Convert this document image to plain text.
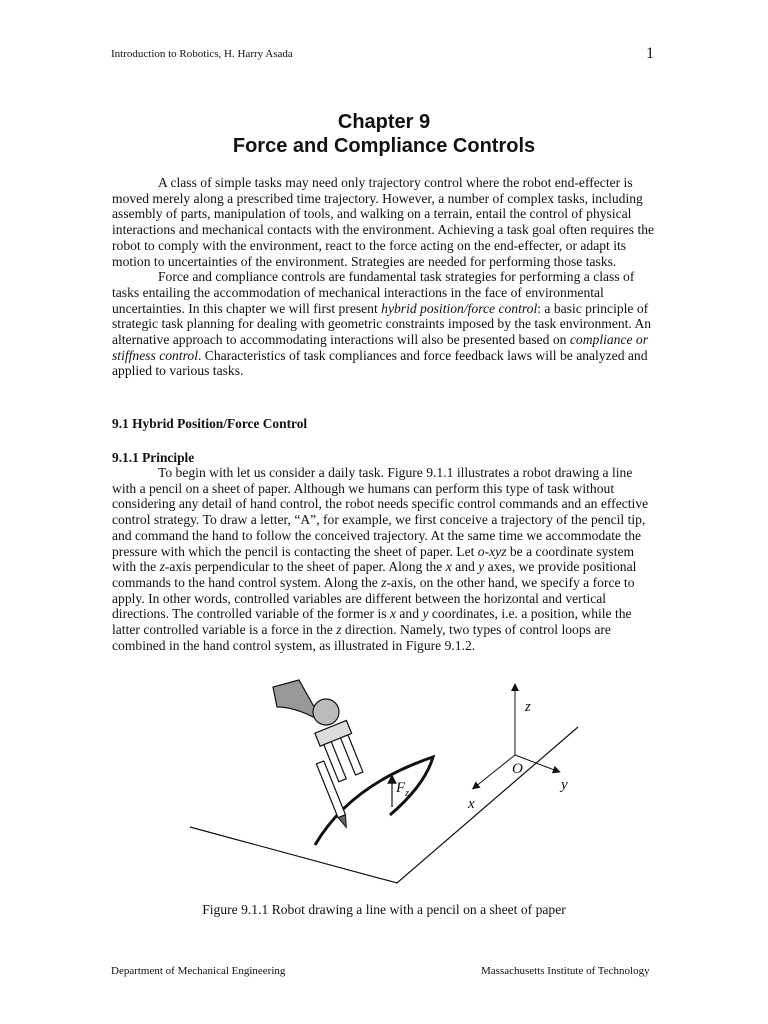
Introduction to Robotics, H. Harry Asada	1
Chapter 9
Force and Compliance Controls

A class of simple tasks may need only trajectory control where the robot end-effecter is moved merely along a prescribed time trajectory. However, a number of complex tasks, including assembly of parts, manipulation of tools, and walking on a terrain, entail the control of physical interactions and mechanical contacts with the environment. Achieving a task goal often requires the robot to comply with the environment, react to the force acting on the end-effecter, or adapt its motion to uncertainties of the environment. Strategies are needed for performing those tasks.

Force and compliance controls are fundamental task strategies for performing a class of tasks entailing the accommodation of mechanical interactions in the face of environmental uncertainties. In this chapter we will first present hybrid position/force control: a basic principle of strategic task planning for dealing with geometric constraints imposed by the task environment. An alternative approach to accommodating interactions will also be presented based on compliance or stiffness control. Characteristics of task compliances and force feedback laws will be analyzed and applied to various tasks.

9.1 Hybrid Position/Force Control
9.1.1 Principle

To begin with let us consider a daily task. Figure 9.1.1 illustrates a robot drawing a line with a pencil on a sheet of paper. Although we humans can perform this type of task without considering any detail of hand control, the robot needs specific control commands and an effective control strategy. To draw a letter, “A”, for example, we first conceive a trajectory of the pencil tip, and command the hand to follow the conceived trajectory. At the same time we accommodate the pressure with which the pencil is contacting the sheet of paper. Let o-xyz be a coordinate system with the z-axis perpendicular to the sheet of paper. Along the x and y axes, we provide positional commands to the hand control system. Along the z-axis, on the other hand, we specify a force to apply. In other words, controlled variables are different between the horizontal and vertical directions. The controlled variable of the former is x and y coordinates, i.e. a position, while the latter controlled variable is a force in the z direction. Namely, two types of control loops are combined in the hand control system, as illustrated in Figure 9.1.2.

$F_z$
z
O
y
x
Figure 9.1.1 Robot drawing a line with a pencil on a sheet of paper
Department of Mechanical Engineering	Massachusetts Institute of Technology
